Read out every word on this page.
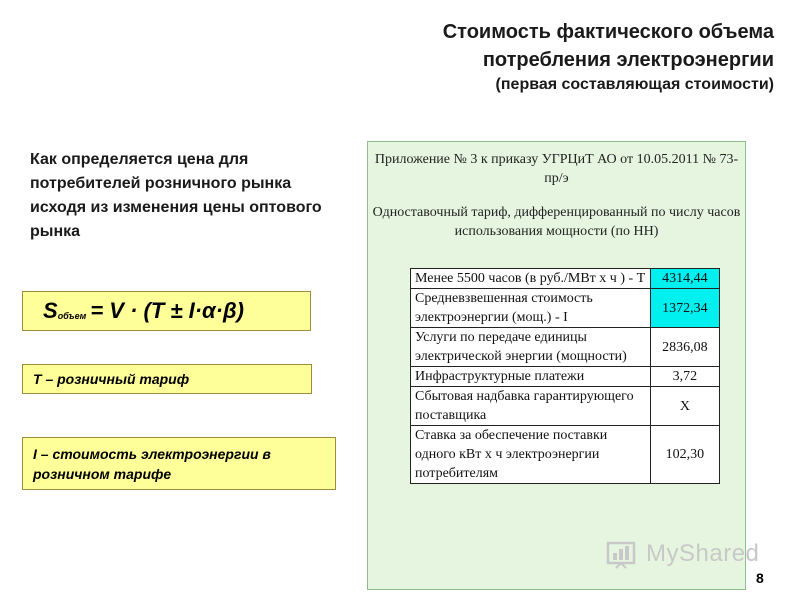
Стоимость фактического объема потребления электроэнергии
(первая составляющая стоимости)
Как определяется цена для потребителей розничного рынка исходя из изменения цены оптового рынка
S объем = V · (T ± I·α·β)
Т – розничный тариф
I – стоимость электроэнергии в розничном тарифе
Приложение № 3 к приказу УГРЦиТ АО от 10.05.2011 № 73-пр/э
Одноставочный тариф, дифференцированный по числу часов использования мощности (по НН)
Менее 5500 часов (в руб./МВт х ч ) - Т	4314,44
Средневзвешенная стоимость электроэнергии (мощ.) - I	1372,34
Услуги по передаче единицы электрической энергии (мощности)	2836,08
Инфраструктурные платежи	3,72
Сбытовая надбавка гарантирующего поставщика	Х
Ставка за обеспечение поставки одного кВт х ч электроэнергии потребителям	102,30
MyShared
8
